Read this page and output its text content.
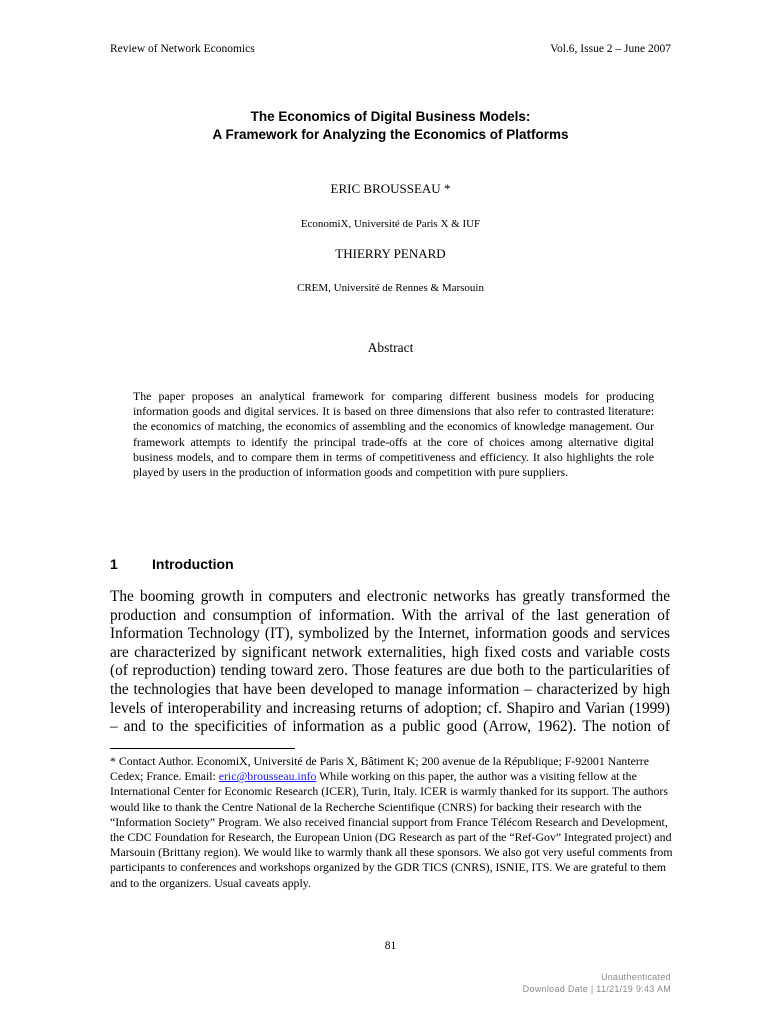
Review of Network Economics	Vol.6, Issue 2 – June 2007
The Economics of Digital Business Models:
A Framework for Analyzing the Economics of Platforms
ERIC BROUSSEAU *
EconomiX, Université de Paris X & IUF
THIERRY PENARD
CREM, Université de Rennes & Marsouin
Abstract
The paper proposes an analytical framework for comparing different business models for producing information goods and digital services. It is based on three dimensions that also refer to contrasted literature: the economics of matching, the economics of assembling and the economics of knowledge management. Our framework attempts to identify the principal trade-offs at the core of choices among alternative digital business models, and to compare them in terms of competitiveness and efficiency. It also highlights the role played by users in the production of information goods and competition with pure suppliers.
1 Introduction
The booming growth in computers and electronic networks has greatly transformed the production and consumption of information. With the arrival of the last generation of Information Technology (IT), symbolized by the Internet, information goods and services are characterized by significant network externalities, high fixed costs and variable costs (of reproduction) tending toward zero. Those features are due both to the particularities of the technologies that have been developed to manage information – characterized by high levels of interoperability and increasing returns of adoption; cf. Shapiro and Varian (1999) – and to the specificities of information as a public good (Arrow, 1962). The notion of
* Contact Author. EconomiX, Université de Paris X, Bâtiment K; 200 avenue de la République; F-92001 Nanterre Cedex; France. Email: eric@brousseau.info While working on this paper, the author was a visiting fellow at the International Center for Economic Research (ICER), Turin, Italy. ICER is warmly thanked for its support. The authors would like to thank the Centre National de la Recherche Scientifique (CNRS) for backing their research with the “Information Society” Program. We also received financial support from France Télécom Research and Development, the CDC Foundation for Research, the European Union (DG Research as part of the “Ref-Gov” Integrated project) and Marsouin (Brittany region). We would like to warmly thank all these sponsors. We also got very useful comments from participants to conferences and workshops organized by the GDR TICS (CNRS), ISNIE, ITS. We are grateful to them and to the organizers. Usual caveats apply.
81
Unauthenticated
Download Date | 11/21/19 9:43 AM
